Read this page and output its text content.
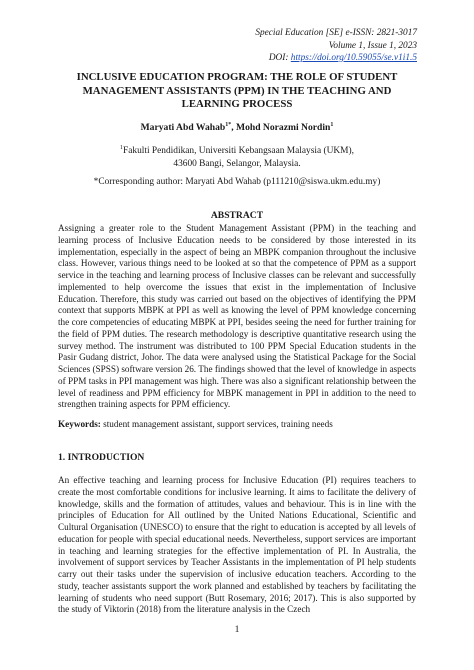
Special Education [SE] e-ISSN: 2821-3017
Volume 1, Issue 1, 2023
DOI: https://doi.org/10.59055/se.v1i1.5
INCLUSIVE EDUCATION PROGRAM: THE ROLE OF STUDENT MANAGEMENT ASSISTANTS (PPM) IN THE TEACHING AND LEARNING PROCESS
Maryati Abd Wahab$^{1*}$, Mohd Norazmi Nordin$^1$
$^1$Fakulti Pendidikan, Universiti Kebangsaan Malaysia (UKM),
43600 Bangi, Selangor, Malaysia.
*Corresponding author: Maryati Abd Wahab (p111210@siswa.ukm.edu.my)
ABSTRACT
Assigning a greater role to the Student Management Assistant (PPM) in the teaching and learning process of Inclusive Education needs to be considered by those interested in its implementation, especially in the aspect of being an MBPK companion throughout the inclusive class. However, various things need to be looked at so that the competence of PPM as a support service in the teaching and learning process of Inclusive classes can be relevant and successfully implemented to help overcome the issues that exist in the implementation of Inclusive Education. Therefore, this study was carried out based on the objectives of identifying the PPM context that supports MBPK at PPI as well as knowing the level of PPM knowledge concerning the core competencies of educating MBPK at PPI, besides seeing the need for further training for the field of PPM duties. The research methodology is descriptive quantitative research using the survey method. The instrument was distributed to 100 PPM Special Education students in the Pasir Gudang district, Johor. The data were analysed using the Statistical Package for the Social Sciences (SPSS) software version 26. The findings showed that the level of knowledge in aspects of PPM tasks in PPI management was high. There was also a significant relationship between the level of readiness and PPM efficiency for MBPK management in PPI in addition to the need to strengthen training aspects for PPM efficiency.
Keywords: student management assistant, support services, training needs
1. INTRODUCTION
An effective teaching and learning process for Inclusive Education (PI) requires teachers to create the most comfortable conditions for inclusive learning. It aims to facilitate the delivery of knowledge, skills and the formation of attitudes, values and behaviour. This is in line with the principles of Education for All outlined by the United Nations Educational, Scientific and Cultural Organisation (UNESCO) to ensure that the right to education is accepted by all levels of education for people with special educational needs. Nevertheless, support services are important in teaching and learning strategies for the effective implementation of PI. In Australia, the involvement of support services by Teacher Assistants in the implementation of PI help students carry out their tasks under the supervision of inclusive education teachers. According to the study, teacher assistants support the work planned and established by teachers by facilitating the learning of students who need support (Butt Rosemary, 2016; 2017). This is also supported by the study of Viktorin (2018) from the literature analysis in the Czech
1
